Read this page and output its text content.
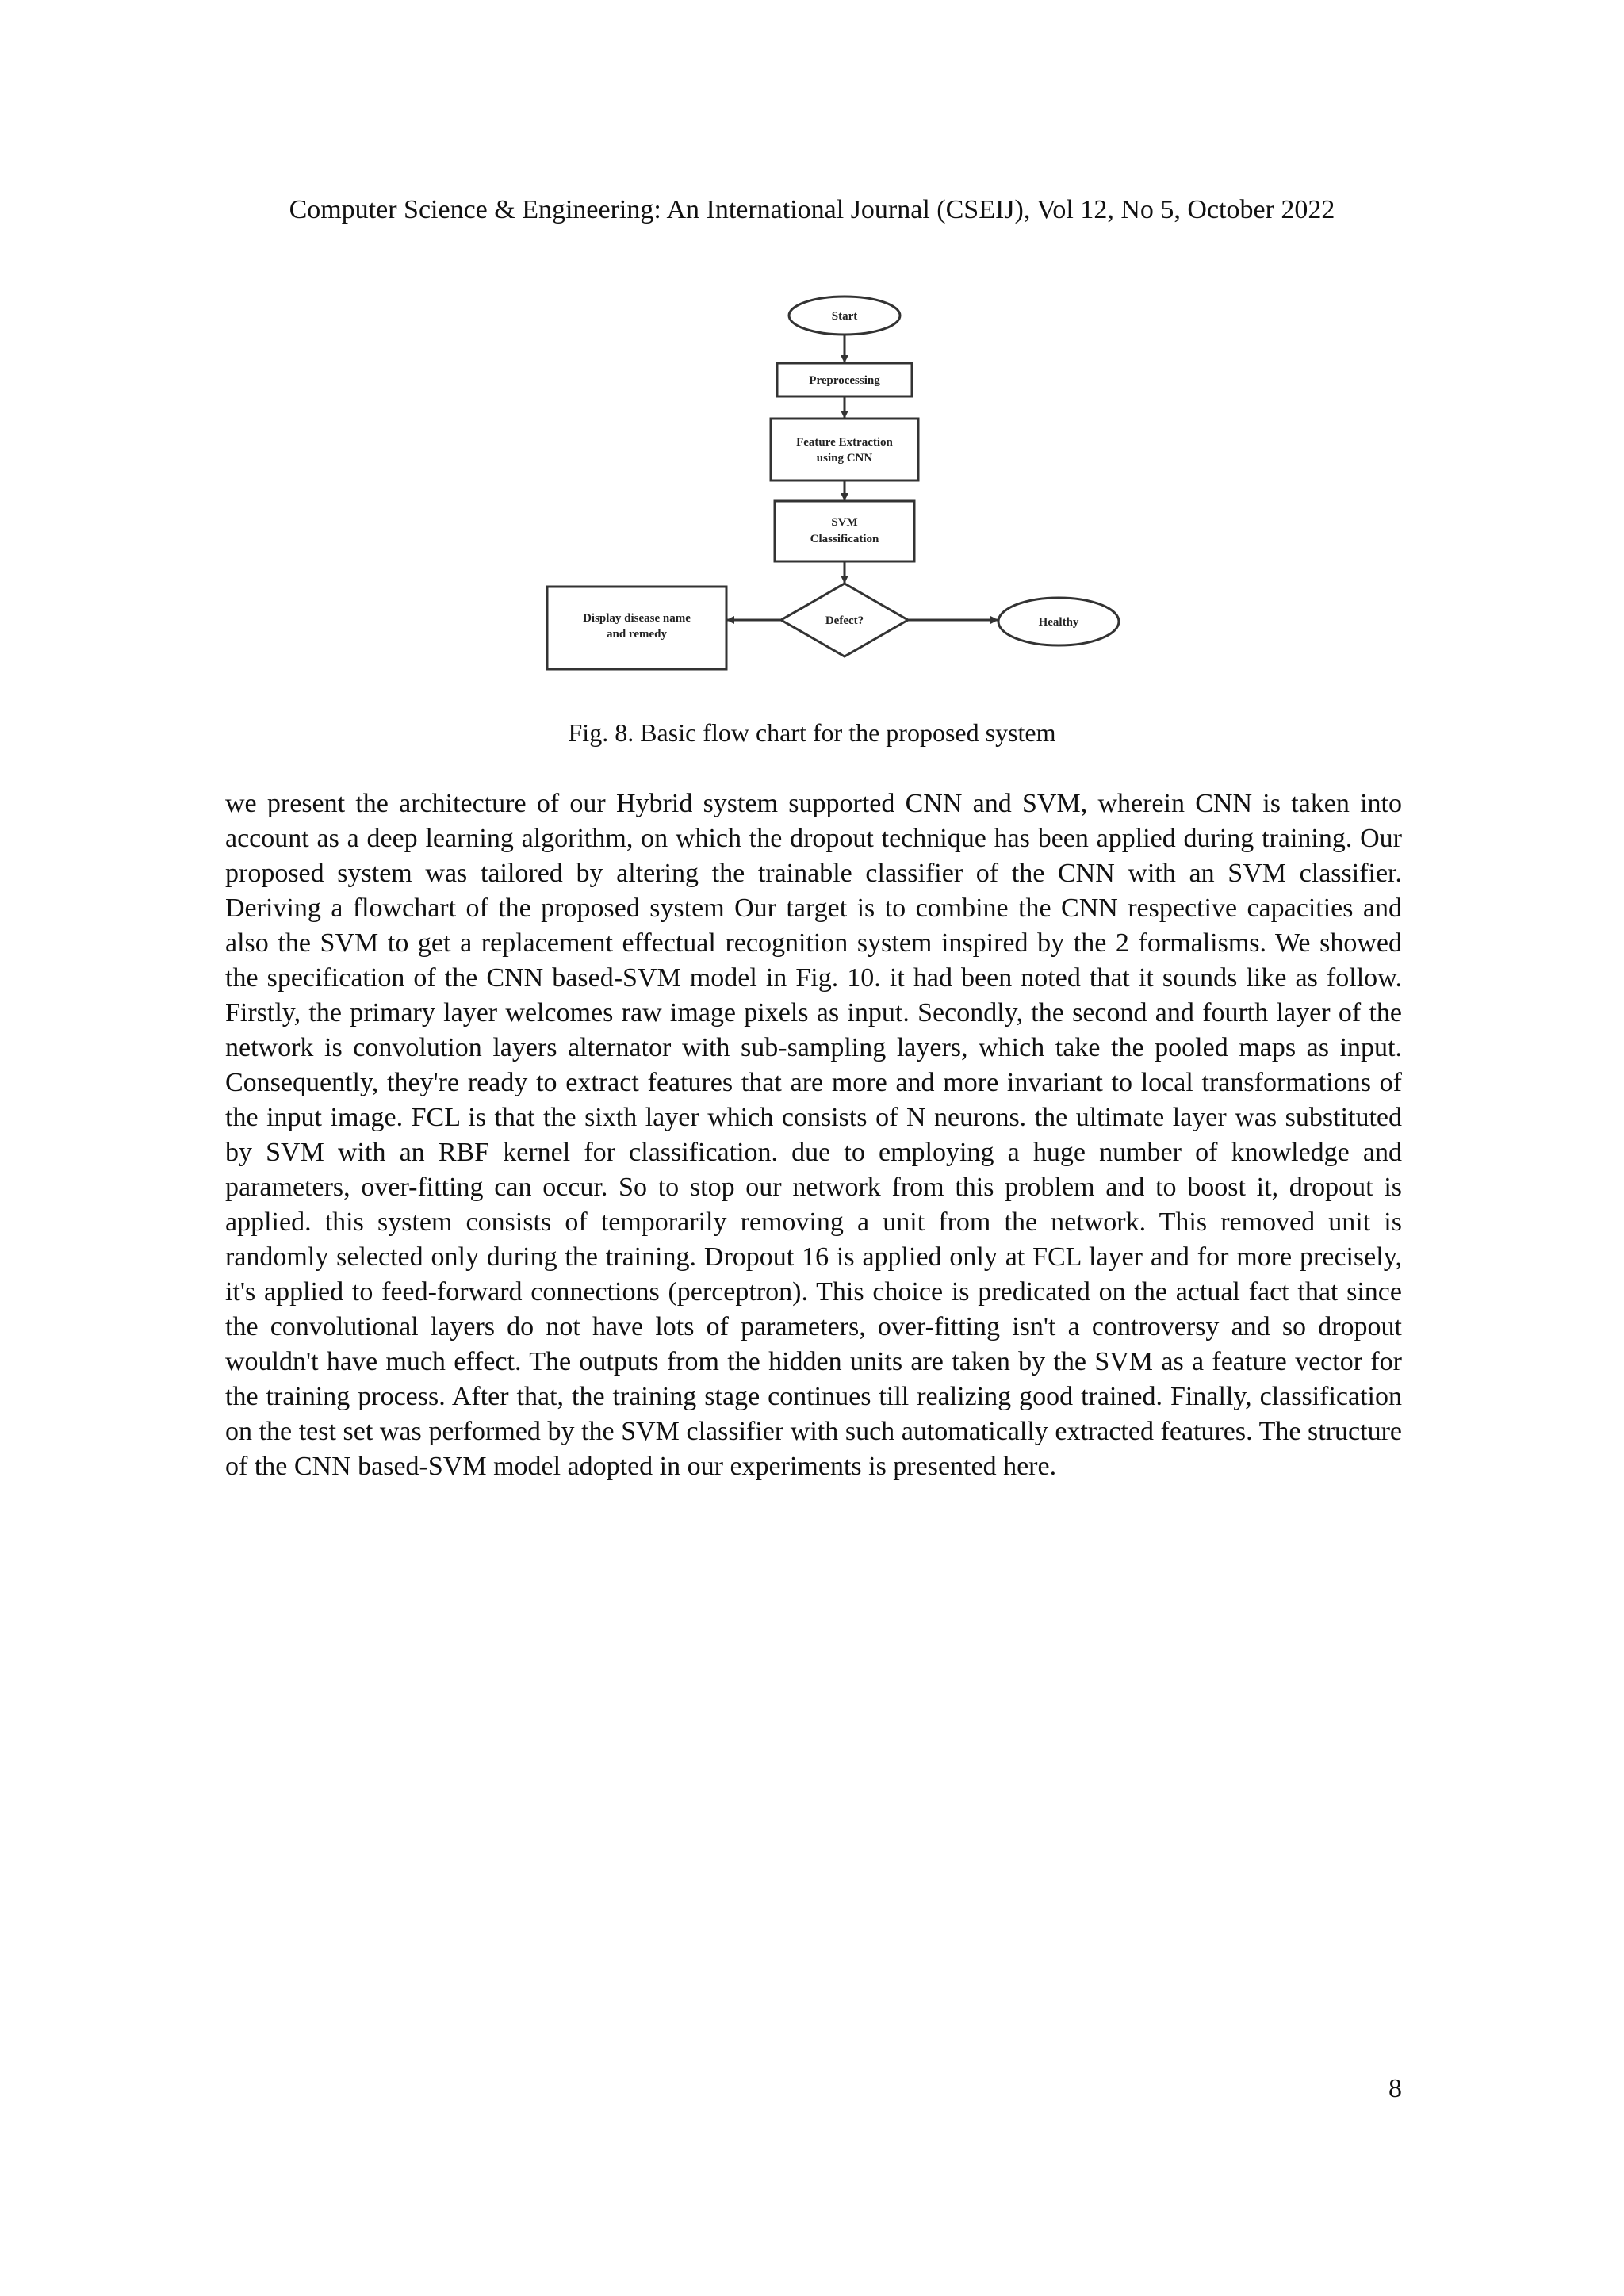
Computer Science & Engineering: An International Journal (CSEIJ), Vol 12, No 5, October 2022
Start
Preprocessing
Feature Extraction
using CNN
SVM
Classification
Defect?
Display disease name
and remedy
Healthy
Fig. 8. Basic flow chart for the proposed system
we present the architecture of our Hybrid system supported CNN and SVM, wherein CNN is taken into account as a deep learning algorithm, on which the dropout technique has been applied during training. Our proposed system was tailored by altering the trainable classifier of the CNN with an SVM classifier. Deriving a flowchart of the proposed system Our target is to combine the CNN respective capacities and also the SVM to get a replacement effectual recognition system inspired by the 2 formalisms. We showed the specification of the CNN based-SVM model in Fig. 10. it had been noted that it sounds like as follow. Firstly, the primary layer welcomes raw image pixels as input. Secondly, the second and fourth layer of the network is convolution layers alternator with sub-sampling layers, which take the pooled maps as input. Consequently, they're ready to extract features that are more and more invariant to local transformations of the input image. FCL is that the sixth layer which consists of N neurons. the ultimate layer was substituted by SVM with an RBF kernel for classification. due to employing a huge number of knowledge and parameters, over-fitting can occur. So to stop our network from this problem and to boost it, dropout is applied. this system consists of temporarily removing a unit from the network. This removed unit is randomly selected only during the training. Dropout 16 is applied only at FCL layer and for more precisely, it's applied to feed-forward connections (perceptron). This choice is predicated on the actual fact that since the convolutional layers do not have lots of parameters, over-fitting isn't a controversy and so dropout wouldn't have much effect. The outputs from the hidden units are taken by the SVM as a feature vector for the training process. After that, the training stage continues till realizing good trained. Finally, classification on the test set was performed by the SVM classifier with such automatically extracted features. The structure of the CNN based-SVM model adopted in our experiments is presented here.
8
